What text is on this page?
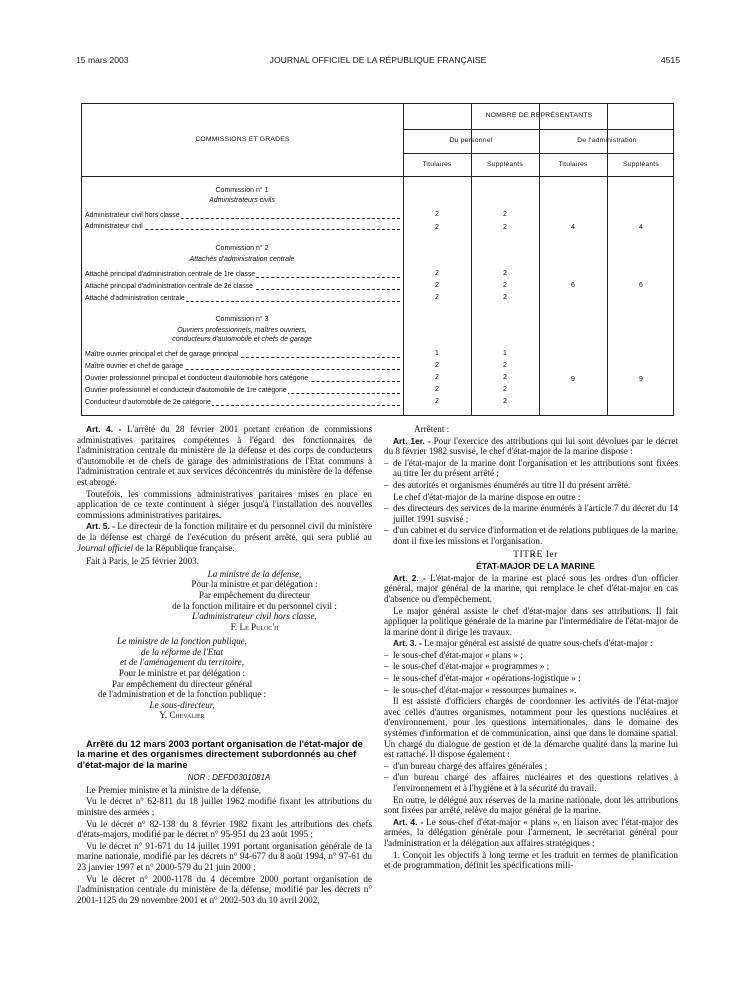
15 mars 2003	JOURNAL OFFICIEL DE LA RÉPUBLIQUE FRANÇAISE	4515
COMMISSIONS ET GRADES
NOMBRE DE REPRÉSENTANTS
Du personnel	De l'administration
Titulaires	Suppléants	Titulaires	Suppléants
Commission n° 1
Administrateurs civils
Administrateur civil hors classe	2	2
Administrateur civil	2	2	4	4
Commission n° 2
Attachés d'administration centrale
Attaché principal d'administration centrale de 1re classe	2	2
Attaché principal d'administration centrale de 2e classe	2	2	6	6
Attaché d'administration centrale	2	2
Commission n° 3
Ouvriers professionnels, maîtres ouvriers,
conducteurs d'automobile et chefs de garage
Maître ouvrier principal et chef de garage principal	1	1
Maître ouvrier et chef de garage	2	2
Ouvrier professionnel principal et conducteur d'automobile hors catégorie	2	2	9	9
Ouvrier professionnel et conducteur d'automobile de 1re catégorie	2	2
Conducteur d'automobile de 2e catégorie	2	2

Art. 4. - L'arrêté du 28 février 2001 portant création de commissions administratives paritaires compétentes à l'égard des fonctionnaires de l'administration centrale du ministère de la défense et des corps de conducteurs d'automobile et de chefs de garage des administrations de l'Etat communs à l'administration centrale et aux services déconcentrés du ministère de la défense est abrogé.

Toutefois, les commissions administratives paritaires mises en place en application de ce texte continuent à siéger jusqu'à l'installation des nouvelles commissions administratives paritaires.

Art. 5. - Le directeur de la fonction militaire et du personnel civil du ministère de la défense est chargé de l'exécution du présent arrêté, qui sera publié au Journal officiel de la République française.

Fait à Paris, le 25 février 2003.

La ministre de la défense,
Pour la ministre et par délégation :
Par empêchement du directeur
de la fonction militaire et du personnel civil :
L'administrateur civil hors classe,
F. Le Puloc'h
Le ministre de la fonction publique,
de la réforme de l'Etat
et de l'aménagement du territoire,
Pour le ministre et par délégation :
Par empêchement du directeur général
de l'administration et de la fonction publique :
Le sous-directeur,
Y. Chevalier

Arrêté du 12 mars 2003 portant organisation de l'état-major de la marine et des organismes directement subordonnés au chef d'état-major de la marine

NOR : DEFD0301081A

Le Premier ministre et la ministre de la défense,

Vu le décret n° 62-811 du 18 juillet 1962 modifié fixant les attributions du ministre des armées ;

Vu le décret n° 82-138 du 8 février 1982 fixant les attributions des chefs d'états-majors, modifié par le décret n° 95-951 du 23 août 1995 ;

Vu le décret n° 91-671 du 14 juillet 1991 portant organisation générale de la marine nationale, modifié par les décrets n° 94-677 du 8 août 1994, n° 97-61 du 23 janvier 1997 et n° 2000-579 du 21 juin 2000 ;

Vu le décret n° 2000-1178 du 4 décembre 2000 portant organisation de l'administration centrale du ministère de la défense, modifié par les décrets n° 2001-1125 du 29 novembre 2001 et n° 2002-503 du 10 avril 2002,

Arrêtent :

Art. 1er. - Pour l'exercice des attributions qui lui sont dévolues par le décret du 8 février 1982 susvisé, le chef d'état-major de la marine dispose :

– de l'état-major de la marine dont l'organisation et les attributions sont fixées au titre Ier du présent arrêté ;

– des autorités et organismes énumérés au titre II du présent arrêté.

Le chef d'état-major de la marine dispose en outre :

– des directeurs des services de la marine énumérés à l'article 7 du décret du 14 juillet 1991 susvisé ;

– d'un cabinet et du service d'information et de relations publiques de la marine, dont il fixe les missions et l'organisation.

TITRE Ier

ÉTAT-MAJOR DE LA MARINE

Art. 2. - L'état-major de la marine est placé sous les ordres d'un officier général, major général de la marine, qui remplace le chef d'état-major en cas d'absence ou d'empêchement.

Le major général assiste le chef d'état-major dans ses attributions. Il fait appliquer la politique générale de la marine par l'intermédiaire de l'état-major de la marine dont il dirige les travaux.

Art. 3. - Le major général est assisté de quatre sous-chefs d'état-major :

– le sous-chef d'état-major « plans » ;

– le sous-chef d'état-major « programmes » ;

– le sous-chef d'état-major « opérations-logistique » ;

– le sous-chef d'état-major « ressources humaines ».

Il est assisté d'officiers chargés de coordonner les activités de l'état-major avec celles d'autres organismes, notamment pour les questions nucléaires et d'environnement, pour les questions internationales, dans le domaine des systèmes d'information et de communication, ainsi que dans le domaine spatial. Un chargé du dialogue de gestion et de la démarche qualité dans la marine lui est rattaché. Il dispose également :

– d'un bureau chargé des affaires générales ;

– d'un bureau chargé des affaires nucléaires et des questions relatives à l'environnement et à l'hygiène et à la sécurité du travail.

En outre, le délégué aux réserves de la marine nationale, dont les attributions sont fixées par arrêté, relève du major général de la marine.

Art. 4. - Le sous-chef d'état-major « plans », en liaison avec l'état-major des armées, la délégation générale pour l'armement, le secrétariat général pour l'administration et la délégation aux affaires stratégiques :

1. Conçoit les objectifs à long terme et les traduit en termes de planification et de programmation, définit les spécifications mili-
